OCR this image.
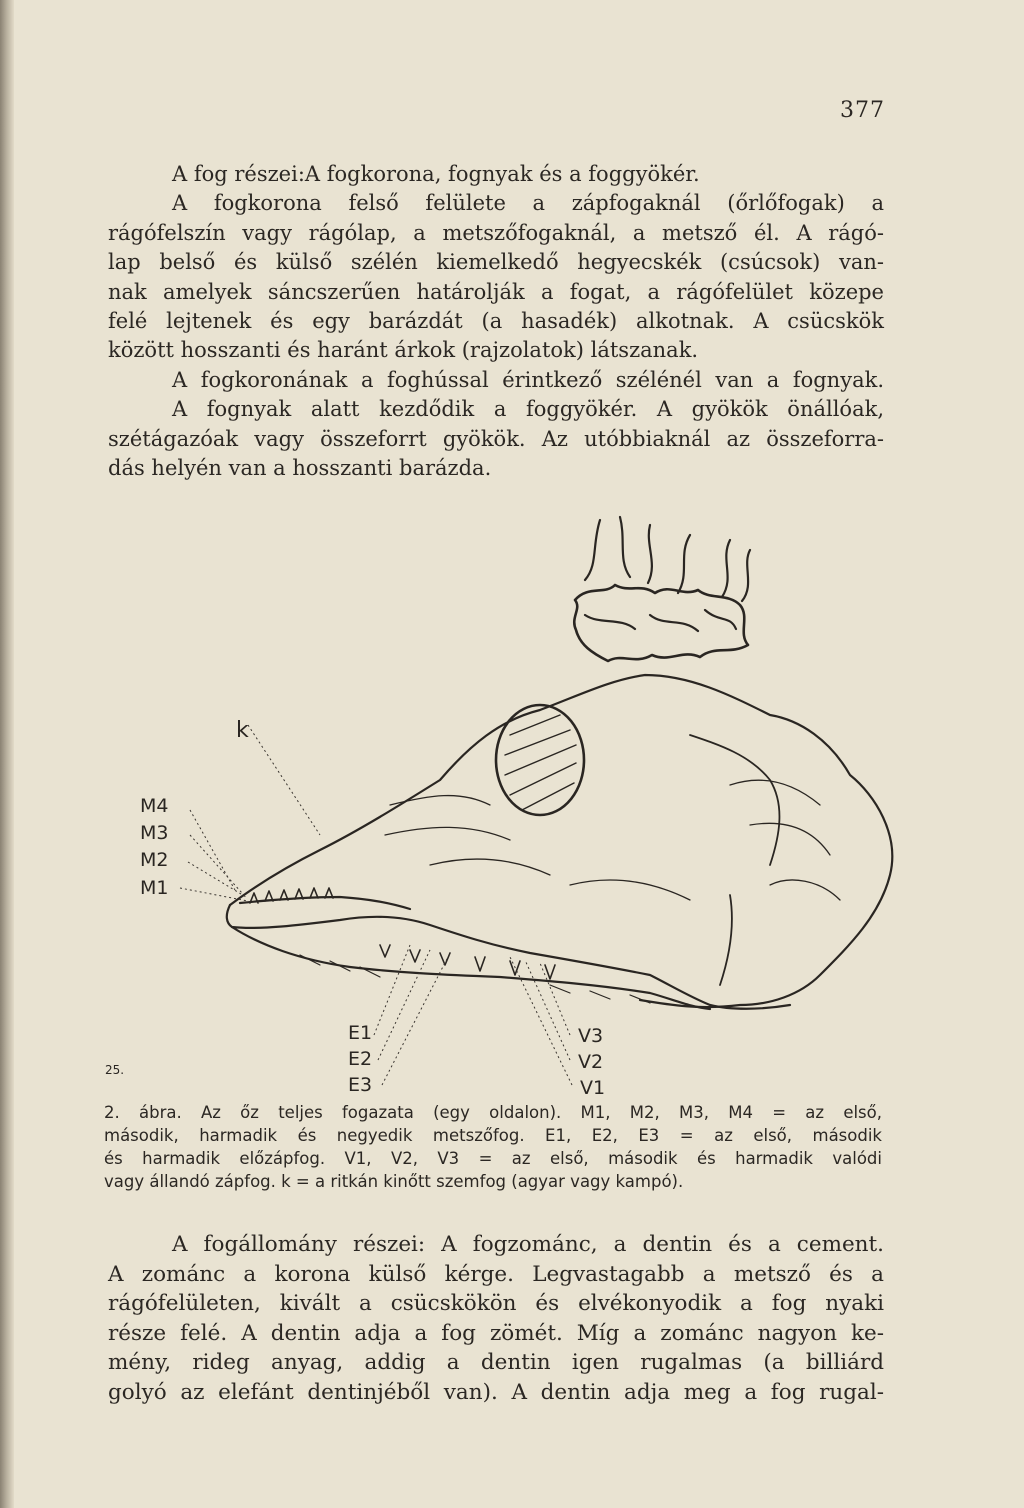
377

A fog részei:A fogkorona, fognyak és a foggyökér.
A fogkorona felső felülete a zápfogaknál (őrlőfogak) a
rágófelszín vagy rágólap, a metszőfogaknál, a metsző él. A rágó-
lap belső és külső szélén kiemelkedő hegyecskék (csúcsok) van-
nak amelyek sáncszerűen határolják a fogat, a rágófelület közepe
felé lejtenek és egy barázdát (a hasadék) alkotnak. A csücskök
között hosszanti és haránt árkok (rajzolatok) látszanak.
A fogkoronának a foghússal érintkező szélénél van a fognyak.
A fognyak alatt kezdődik a foggyökér. A gyökök önállóak,
szétágazóak vagy összeforrt gyökök. Az utóbbiaknál az összeforra-
dás helyén van a hosszanti barázda.

k
M4
M3
M2
M1
E1
E2
E3
V3
V2
V1
25.

2. ábra. Az őz teljes fogazata (egy oldalon). M1, M2, M3, M4 = az első,
második, harmadik és negyedik metszőfog. E1, E2, E3 = az első, második
és harmadik előzápfog. V1, V2, V3 = az első, második és harmadik valódi
vagy állandó zápfog. k = a ritkán kinőtt szemfog (agyar vagy kampó).

A fogállomány részei: A fogzománc, a dentin és a cement.
A zománc a korona külső kérge. Legvastagabb a metsző és a
rágófelületen, kivált a csücskökön és elvékonyodik a fog nyaki
része felé. A dentin adja a fog zömét. Míg a zománc nagyon ke-
mény, rideg anyag, addig a dentin igen rugalmas (a billiárd
golyó az elefánt dentinjéből van). A dentin adja meg a fog rugal-
